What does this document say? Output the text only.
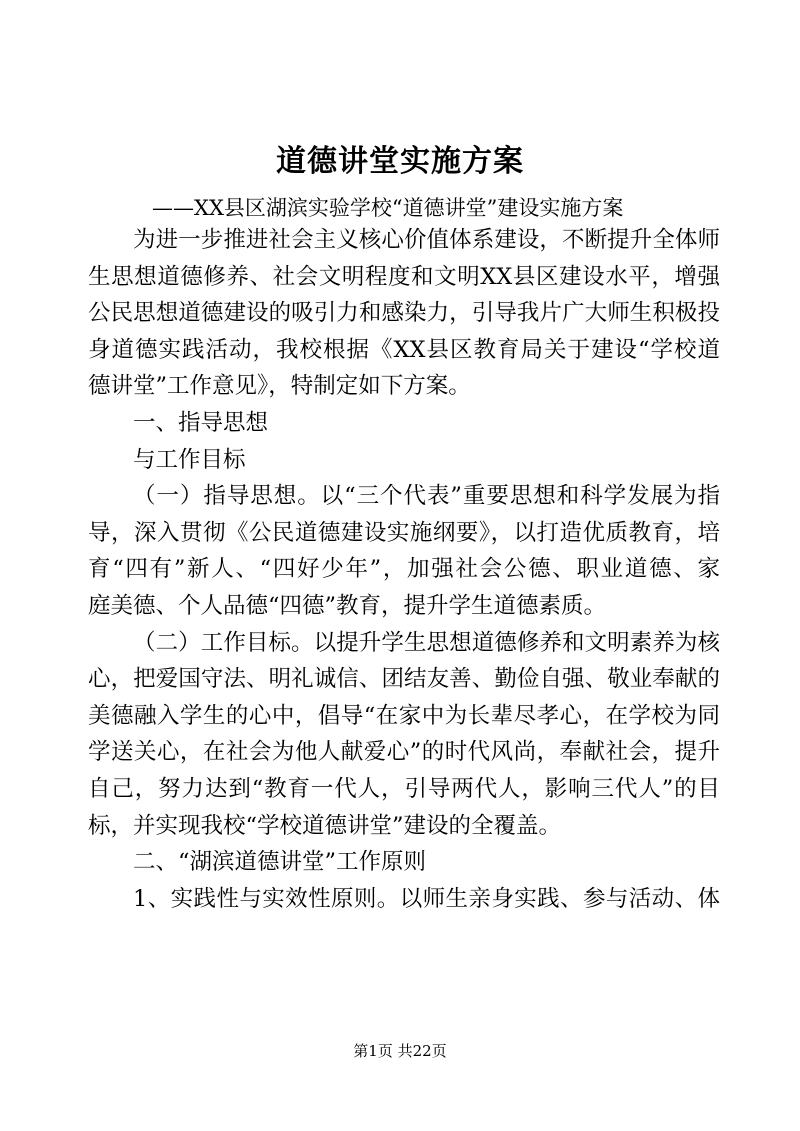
道德讲堂实施方案
——XX县区湖滨实验学校“道德讲堂”建设实施方案
为进一步推进社会主义核心价值体系建设，不断提升全体师
生思想道德修养、社会文明程度和文明XX县区建设水平，增强
公民思想道德建设的吸引力和感染力，引导我片广大师生积极投
身道德实践活动，我校根据《XX县区教育局关于建设“学校道
德讲堂”工作意见》，特制定如下方案。
一、指导思想
与工作目标
（一）指导思想。以“三个代表”重要思想和科学发展为指
导，深入贯彻《公民道德建设实施纲要》，以打造优质教育，培
育“四有”新人、“四好少年”，加强社会公德、职业道德、家
庭美德、个人品德“四德”教育，提升学生道德素质。
（二）工作目标。以提升学生思想道德修养和文明素养为核
心，把爱国守法、明礼诚信、团结友善、勤俭自强、敬业奉献的
美德融入学生的心中，倡导“在家中为长辈尽孝心，在学校为同
学送关心，在社会为他人献爱心”的时代风尚，奉献社会，提升
自己，努力达到“教育一代人，引导两代人，影响三代人”的目
标，并实现我校“学校道德讲堂”建设的全覆盖。
二、“湖滨道德讲堂”工作原则
1、实践性与实效性原则。以师生亲身实践、参与活动、体
第1页 共22页
